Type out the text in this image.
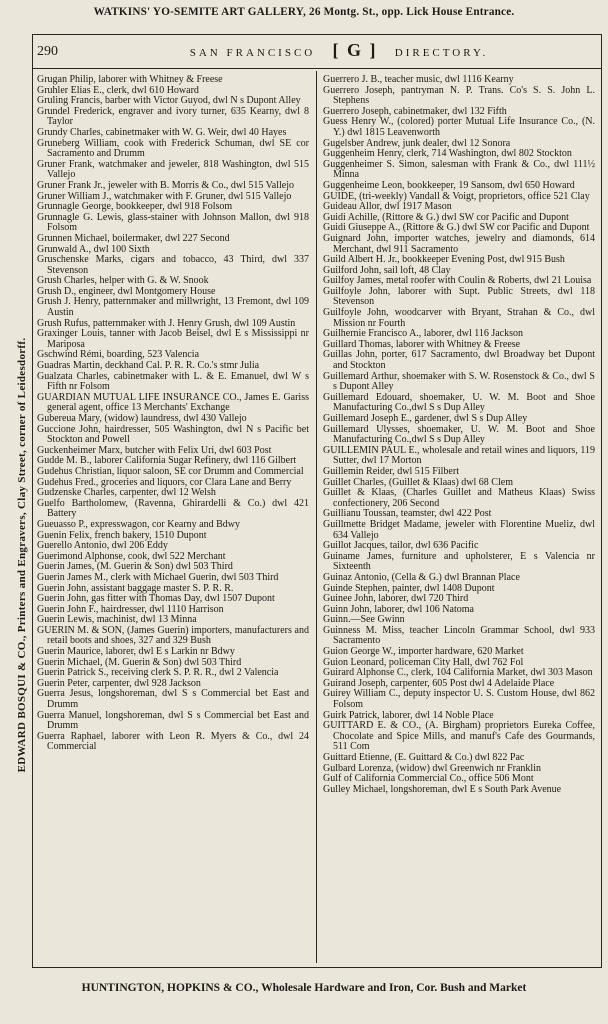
WATKINS' YO-SEMITE ART GALLERY, 26 Montg. St., opp. Lick House Entrance.
EDWARD BOSQUI & CO., Printers and Engravers, Clay Street, corner of Leidesdorff.
290	SAN FRANCISCO [ G ] DIRECTORY.

Grugan Philip, laborer with Whitney & Freese

Gruhler Elias E., clerk, dwl 610 Howard

Gruling Francis, barber with Victor Guyod, dwl N s Dupont Alley

Grundel Frederick, engraver and ivory turner, 635 Kearny, dwl 8 Taylor

Grundy Charles, cabinetmaker with W. G. Weir, dwl 40 Hayes

Gruneberg William, cook with Frederick Schuman, dwl SE cor Sacramento and Drumm

Gruner Frank, watchmaker and jeweler, 818 Washington, dwl 515 Vallejo

Gruner Frank Jr., jeweler with B. Morris & Co., dwl 515 Vallejo

Gruner William J., watchmaker with F. Gruner, dwl 515 Vallejo

Grunnagle George, bookkeeper, dwl 918 Folsom

Grunnagle G. Lewis, glass-stainer with Johnson Mallon, dwl 918 Folsom

Grunnen Michael, boilermaker, dwl 227 Second

Grunwald A., dwl 100 Sixth

Gruschenske Marks, cigars and tobacco, 43 Third, dwl 337 Stevenson

Grush Charles, helper with G. & W. Snook

Grush D., engineer, dwl Montgomery House

Grush J. Henry, patternmaker and millwright, 13 Fremont, dwl 109 Austin

Grush Rufus, patternmaker with J. Henry Grush, dwl 109 Austin

Graxinger Louis, tanner with Jacob Beisel, dwl E s Mississippi nr Mariposa

Gschwind Rémi, boarding, 523 Valencia

Guadras Martin, deckhand Cal. P. R. R. Co.'s stmr Julia

Gualzata Charles, cabinetmaker with L. & E. Emanuel, dwl W s Fifth nr Folsom

GUARDIAN MUTUAL LIFE INSURANCE CO., James E. Gariss general agent, office 13 Merchants' Exchange

Gubereua Mary, (widow) laundress, dwl 430 Vallejo

Guccione John, hairdresser, 505 Washington, dwl N s Pacific bet Stockton and Powell

Guckenheimer Marx, butcher with Felix Uri, dwl 603 Post

Gudde M. B., laborer California Sugar Refinery, dwl 116 Gilbert

Gudehus Christian, liquor saloon, SE cor Drumm and Commercial

Gudehus Fred., groceries and liquors, cor Clara Lane and Berry

Gudzenske Charles, carpenter, dwl 12 Welsh

Guelfo Bartholomew, (Ravenna, Ghirardelli & Co.) dwl 421 Battery

Gueuasso P., expresswagon, cor Kearny and Bdwy

Guenin Felix, french bakery, 1510 Dupont

Guerello Antonio, dwl 206 Eddy

Guerimond Alphonse, cook, dwl 522 Merchant

Guerin James, (M. Guerin & Son) dwl 503 Third

Guerin James M., clerk with Michael Guerin, dwl 503 Third

Guerin John, assistant baggage master S. P. R. R.

Guerin John, gas fitter with Thomas Day, dwl 1507 Dupont

Guerin John F., hairdresser, dwl 1110 Harrison

Guerin Lewis, machinist, dwl 13 Minna

GUERIN M. & SON, (James Guerin) importers, manufacturers and retail boots and shoes, 327 and 329 Bush

Guerin Maurice, laborer, dwl E s Larkin nr Bdwy

Guerin Michael, (M. Guerin & Son) dwl 503 Third

Guerin Patrick S., receiving clerk S. P. R. R., dwl 2 Valencia

Guerin Peter, carpenter, dwl 928 Jackson

Guerra Jesus, longshoreman, dwl S s Commercial bet East and Drumm

Guerra Manuel, longshoreman, dwl S s Commercial bet East and Drumm

Guerra Raphael, laborer with Leon R. Myers & Co., dwl 24 Commercial

Guerrero J. B., teacher music, dwl 1116 Kearny

Guerrero Joseph, pantryman N. P. Trans. Co's S. S. John L. Stephens

Guerrero Joseph, cabinetmaker, dwl 132 Fifth

Guess Henry W., (colored) porter Mutual Life Insurance Co., (N. Y.) dwl 1815 Leavenworth

Gugelsber Andrew, junk dealer, dwl 12 Sonora

Guggenheim Henry, clerk, 714 Washington, dwl 802 Stockton

Guggenheimer S. Simon, salesman with Frank & Co., dwl 111½ Minna

Guggenheime Leon, bookkeeper, 19 Sansom, dwl 650 Howard

GUIDE, (tri-weekly) Vandall & Voigt, proprietors, office 521 Clay

Guideau Allor, dwl 1917 Mason

Guidi Achille, (Rittore & G.) dwl SW cor Pacific and Dupont

Guidi Giuseppe A., (Rittore & G.) dwl SW cor Pacific and Dupont

Guignard John, importer watches, jewelry and diamonds, 614 Merchant, dwl 911 Sacramento

Guild Albert H. Jr., bookkeeper Evening Post, dwl 915 Bush

Guilford John, sail loft, 48 Clay

Guilfoy James, metal roofer with Coulin & Roberts, dwl 21 Louisa

Guilfoyle John, laborer with Supt. Public Streets, dwl 118 Stevenson

Guilfoyle John, woodcarver with Bryant, Strahan & Co., dwl Mission nr Fourth

Guilhernie Francisco A., laborer, dwl 116 Jackson

Guillard Thomas, laborer with Whitney & Freese

Guillas John, porter, 617 Sacramento, dwl Broadway bet Dupont and Stockton

Guillemard Arthur, shoemaker with S. W. Rosenstock & Co., dwl S s Dupont Alley

Guillemard Edouard, shoemaker, U. W. M. Boot and Shoe Manufacturing Co.,dwl S s Dup Alley

Guillemard Joseph E., gardener, dwl S s Dup Alley

Guillemard Ulysses, shoemaker, U. W. M. Boot and Shoe Manufacturing Co.,dwl S s Dup Alley

GUILLEMIN PAUL E., wholesale and retail wines and liquors, 119 Sutter, dwl 17 Morton

Guillemin Reider, dwl 515 Filbert

Guillet Charles, (Guillet & Klaas) dwl 68 Clem

Guillet & Klaas, (Charles Guillet and Matheus Klaas) Swiss confectionery, 206 Second

Guillianu Toussan, teamster, dwl 422 Post

Guillmette Bridget Madame, jeweler with Florentine Mueliz, dwl 634 Vallejo

Guillot Jacques, tailor, dwl 636 Pacific

Guiname James, furniture and upholsterer, E s Valencia nr Sixteenth

Guinaz Antonio, (Cella & G.) dwl Brannan Place

Guinde Stephen, painter, dwl 1408 Dupont

Guinee John, laborer, dwl 720 Third

Guinn John, laborer, dwl 106 Natoma

Guinn.—See Gwinn

Guinness M. Miss, teacher Lincoln Grammar School, dwl 933 Sacramento

Guion George W., importer hardware, 620 Market

Guion Leonard, policeman City Hall, dwl 762 Fol

Guirard Alphonse C., clerk, 104 California Market, dwl 303 Mason

Guirand Joseph, carpenter, 605 Post dwl 4 Adelaide Place

Guirey William C., deputy inspector U. S. Custom House, dwl 862 Folsom

Guirk Patrick, laborer, dwl 14 Noble Place

GUITTARD E. & CO., (A. Birgham) proprietors Eureka Coffee, Chocolate and Spice Mills, and manuf's Cafe des Gourmands, 511 Com

Guittard Etienne, (E. Guittard & Co.) dwl 822 Pac

Gulbard Lorenza, (widow) dwl Greenwich nr Franklin

Gulf of California Commercial Co., office 506 Mont

Gulley Michael, longshoreman, dwl E s South Park Avenue

HUNTINGTON, HOPKINS & CO., Wholesale Hardware and Iron, Cor. Bush and Market
